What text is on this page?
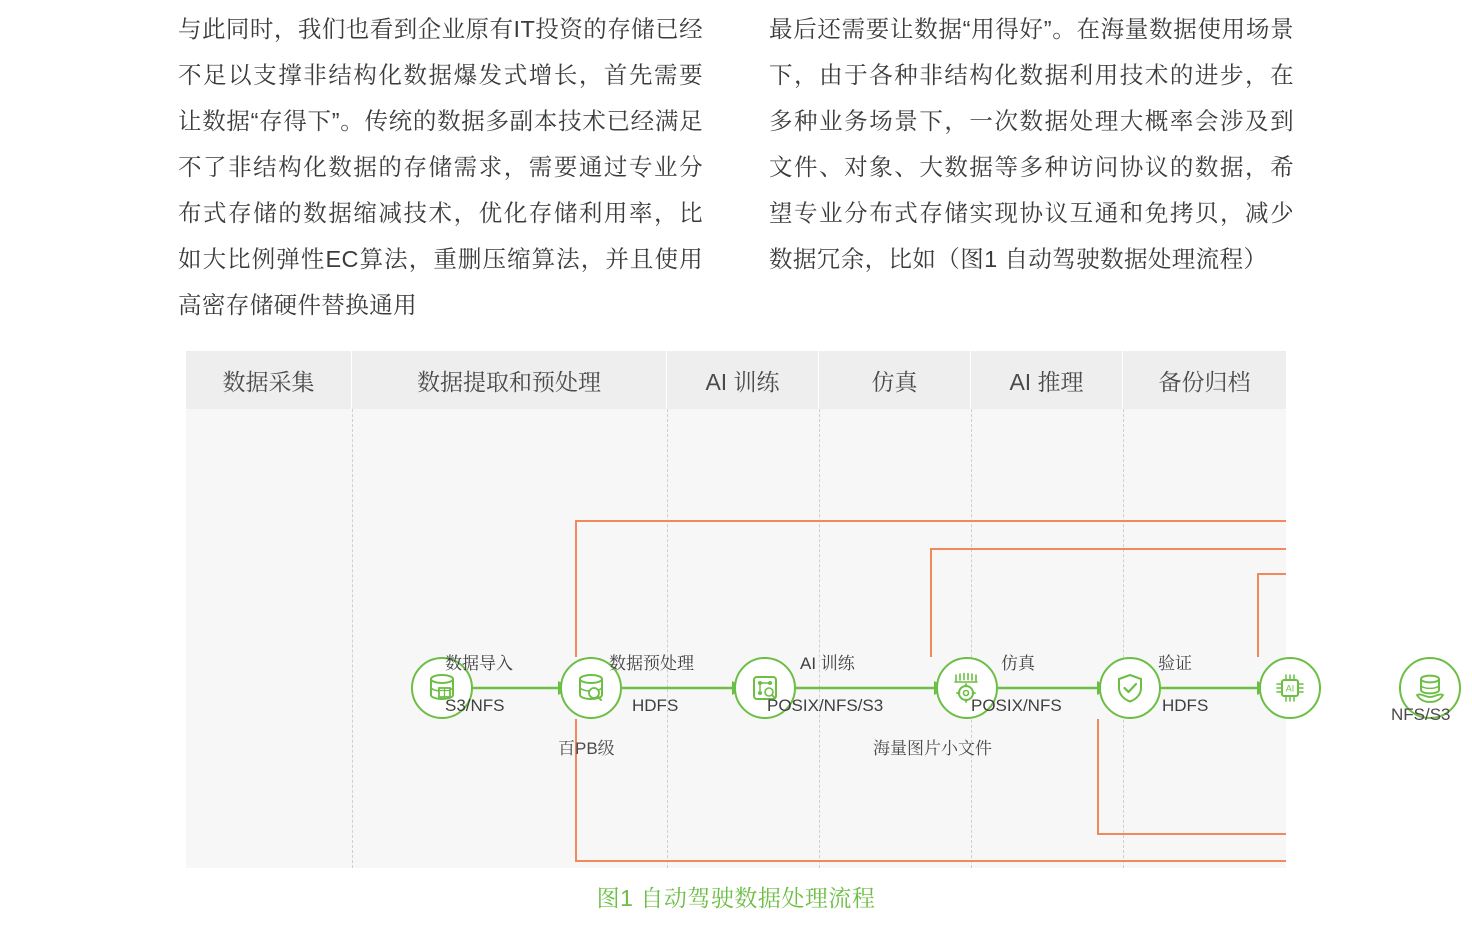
与此同时，我们也看到企业原有IT投资的存储已经不足以支撑非结构化数据爆发式增长，首先需要让数据“存得下”。传统的数据多副本技术已经满足不了非结构化数据的存储需求，需要通过专业分布式存储的数据缩减技术，优化存储利用率，比如大比例弹性EC算法，重删压缩算法，并且使用高密存储硬件替换通用

最后还需要让数据“用得好”。在海量数据使用场景下，由于各种非结构化数据利用技术的进步，在多种业务场景下，一次数据处理大概率会涉及到文件、对象、大数据等多种访问协议的数据，希望专业分布式存储实现协议互通和免拷贝，减少数据冗余，比如（图1 自动驾驶数据处理流程）

数据采集	数据提取和预处理	AI 训练	仿真	AI 推理	备份归档
AI
数据导入
S3/NFS
数据预处理
HDFS
AI 训练
POSIX/NFS/S3
仿真
POSIX/NFS
验证
HDFS
百PB级	海量图片小文件
NFS/S3
图1 自动驾驶数据处理流程
